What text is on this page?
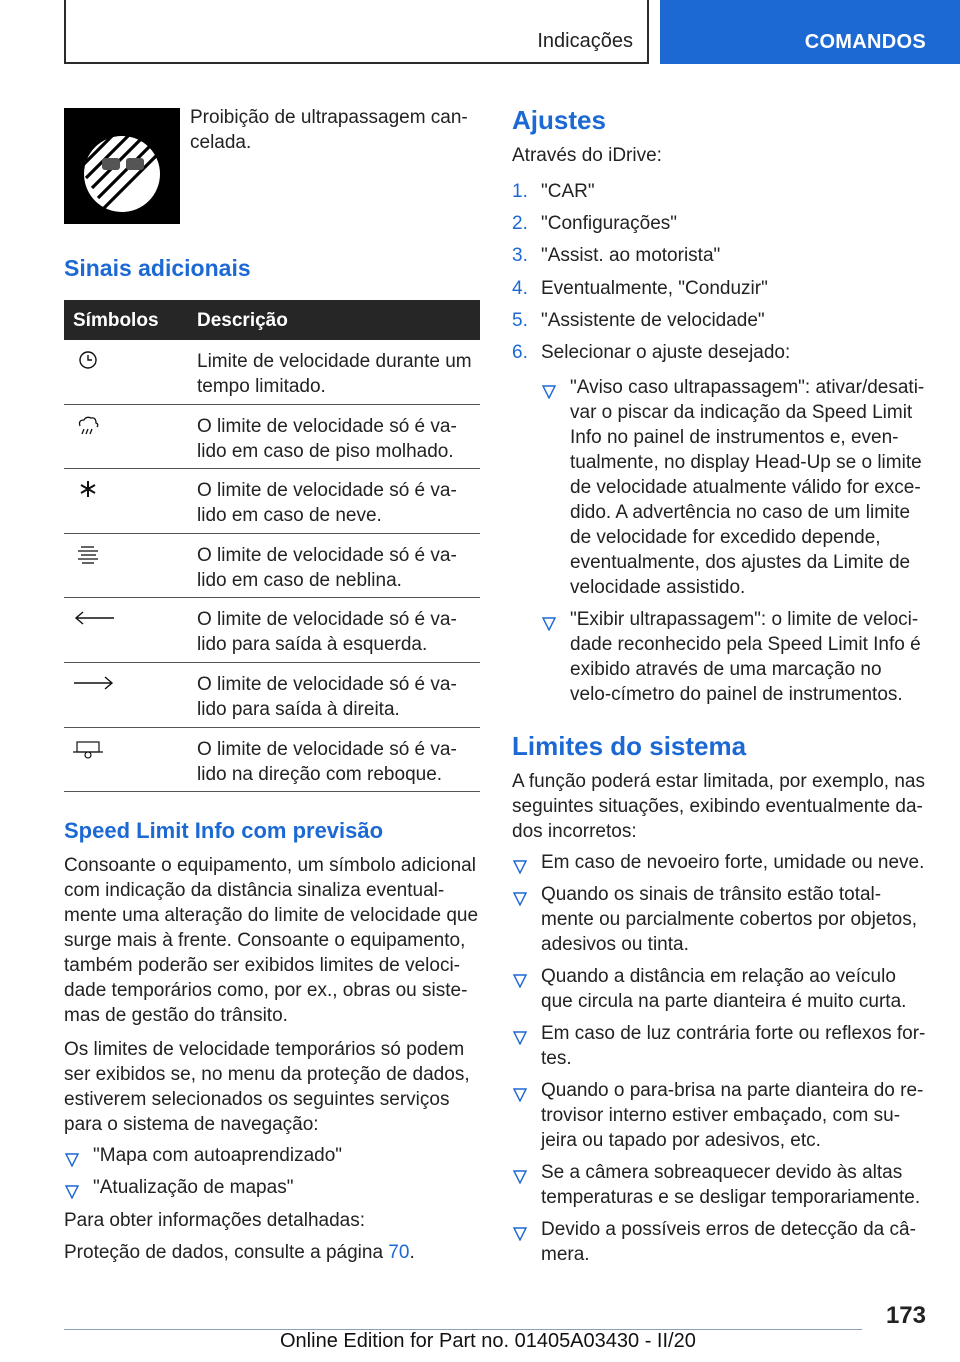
Indicações	COMANDOS

Proibição de ultrapassagem can-celada.

Sinais adicionais
Símbolos Descrição
Limite de velocidade durante um tempo limitado.
O limite de velocidade só é va-lido em caso de piso molhado.
O limite de velocidade só é va-lido em caso de neve.
O limite de velocidade só é va-lido em caso de neblina.
O limite de velocidade só é va-lido para saída à esquerda.
O limite de velocidade só é va-lido para saída à direita.
O limite de velocidade só é va-lido na direção com reboque.
Speed Limit Info com previsão

Consoante o equipamento, um símbolo adicional com indicação da distância sinaliza eventual-mente uma alteração do limite de velocidade que surge mais à frente. Consoante o equipamento, também poderão ser exibidos limites de veloci-dade temporários como, por ex., obras ou siste-mas de gestão do trânsito.

Os limites de velocidade temporários só podem ser exibidos se, no menu da proteção de dados, estiverem selecionados os seguintes serviços para o sistema de navegação:

"Mapa com autoaprendizado"
"Atualização de mapas"

Para obter informações detalhadas:

Proteção de dados, consulte a página 70.

Ajustes

Através do iDrive:

1. "CAR"
2. "Configurações"
3. "Assist. ao motorista"
4. Eventualmente, "Conduzir"
5. "Assistente de velocidade"
6. Selecionar o ajuste desejado:
"Aviso caso ultrapassagem": ativar/desati-var o piscar da indicação da Speed Limit Info no painel de instrumentos e, even-tualmente, no display Head-Up se o limite de velocidade atualmente válido for exce-dido. A advertência no caso de um limite de velocidade for excedido depende, eventualmente, dos ajustes da Limite de velocidade assistido.
"Exibir ultrapassagem": o limite de veloci-dade reconhecido pela Speed Limit Info é exibido através de uma marcação no velo-címetro do painel de instrumentos.
Limites do sistema

A função poderá estar limitada, por exemplo, nas seguintes situações, exibindo eventualmente da-dos incorretos:

Em caso de nevoeiro forte, umidade ou neve.
Quando os sinais de trânsito estão total-mente ou parcialmente cobertos por objetos, adesivos ou tinta.
Quando a distância em relação ao veículo que circula na parte dianteira é muito curta.
Em caso de luz contrária forte ou reflexos for-tes.
Quando o para-brisa na parte dianteira do re-trovisor interno estiver embaçado, com su-jeira ou tapado por adesivos, etc.
Se a câmera sobreaquecer devido às altas temperaturas e se desligar temporariamente.
Devido a possíveis erros de detecção da câ-mera.
173
Online Edition for Part no. 01405A03430 - II/20
